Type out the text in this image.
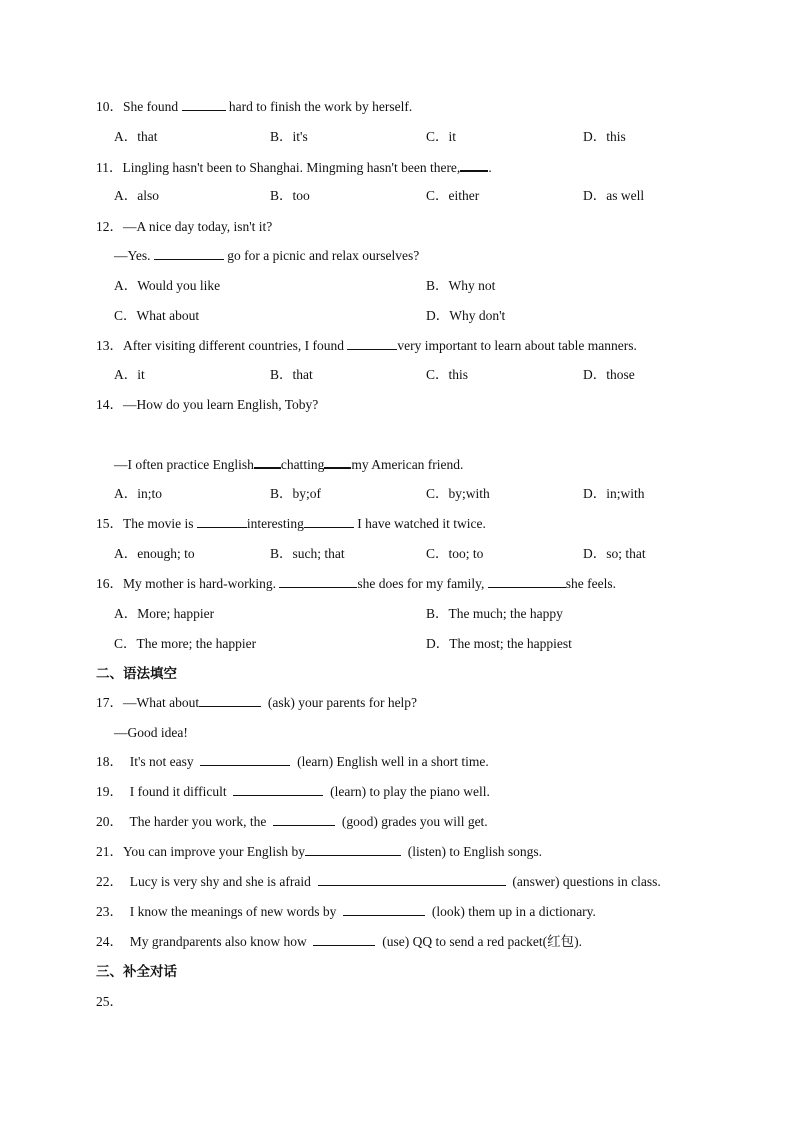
10．She found	hard to finish the work by herself.
A．that	B．it's	C．it	D．this
11．Lingling hasn't been to Shanghai. Mingming hasn't been there, .
A．also	B．too	C．either	D．as well
12．—A nice day today, isn't it?
—Yes.	go for a picnic and relax ourselves?
A．Would you like	B．Why not
C．What about	D．Why don't
13．After visiting different countries, I found	very important to learn about table manners.
A．it	B．that	C．this	D．those
14．—How do you learn English, Toby?
—I often practice English chatting my American friend.
A．in;to	B．by;of	C．by;with	D．in;with
15．The movie is	interesting	I have watched it twice.
A．enough; to	B．such; that	C．too; to	D．so; that
16．My mother is hard-working.	she does for my family,	she feels.
A．More; happier	B．The much; the happy
C．The more; the happier	D．The most; the happiest
二、语法填空
17．—What about	(ask) your parents for help?
—Good idea!
18．  It's not easy	(learn) English well in a short time.
19．  I found it difficult	(learn) to play the piano well.
20．  The harder you work, the	(good) grades you will get.
21．You can improve your English by	(listen) to English songs.
22．  Lucy is very shy and she is afraid	(answer) questions in class.
23．  I know the meanings of new words by	(look) them up in a dictionary.
24．  My grandparents also know how	(use) QQ to send a red packet(红包).
三、补全对话
25．
